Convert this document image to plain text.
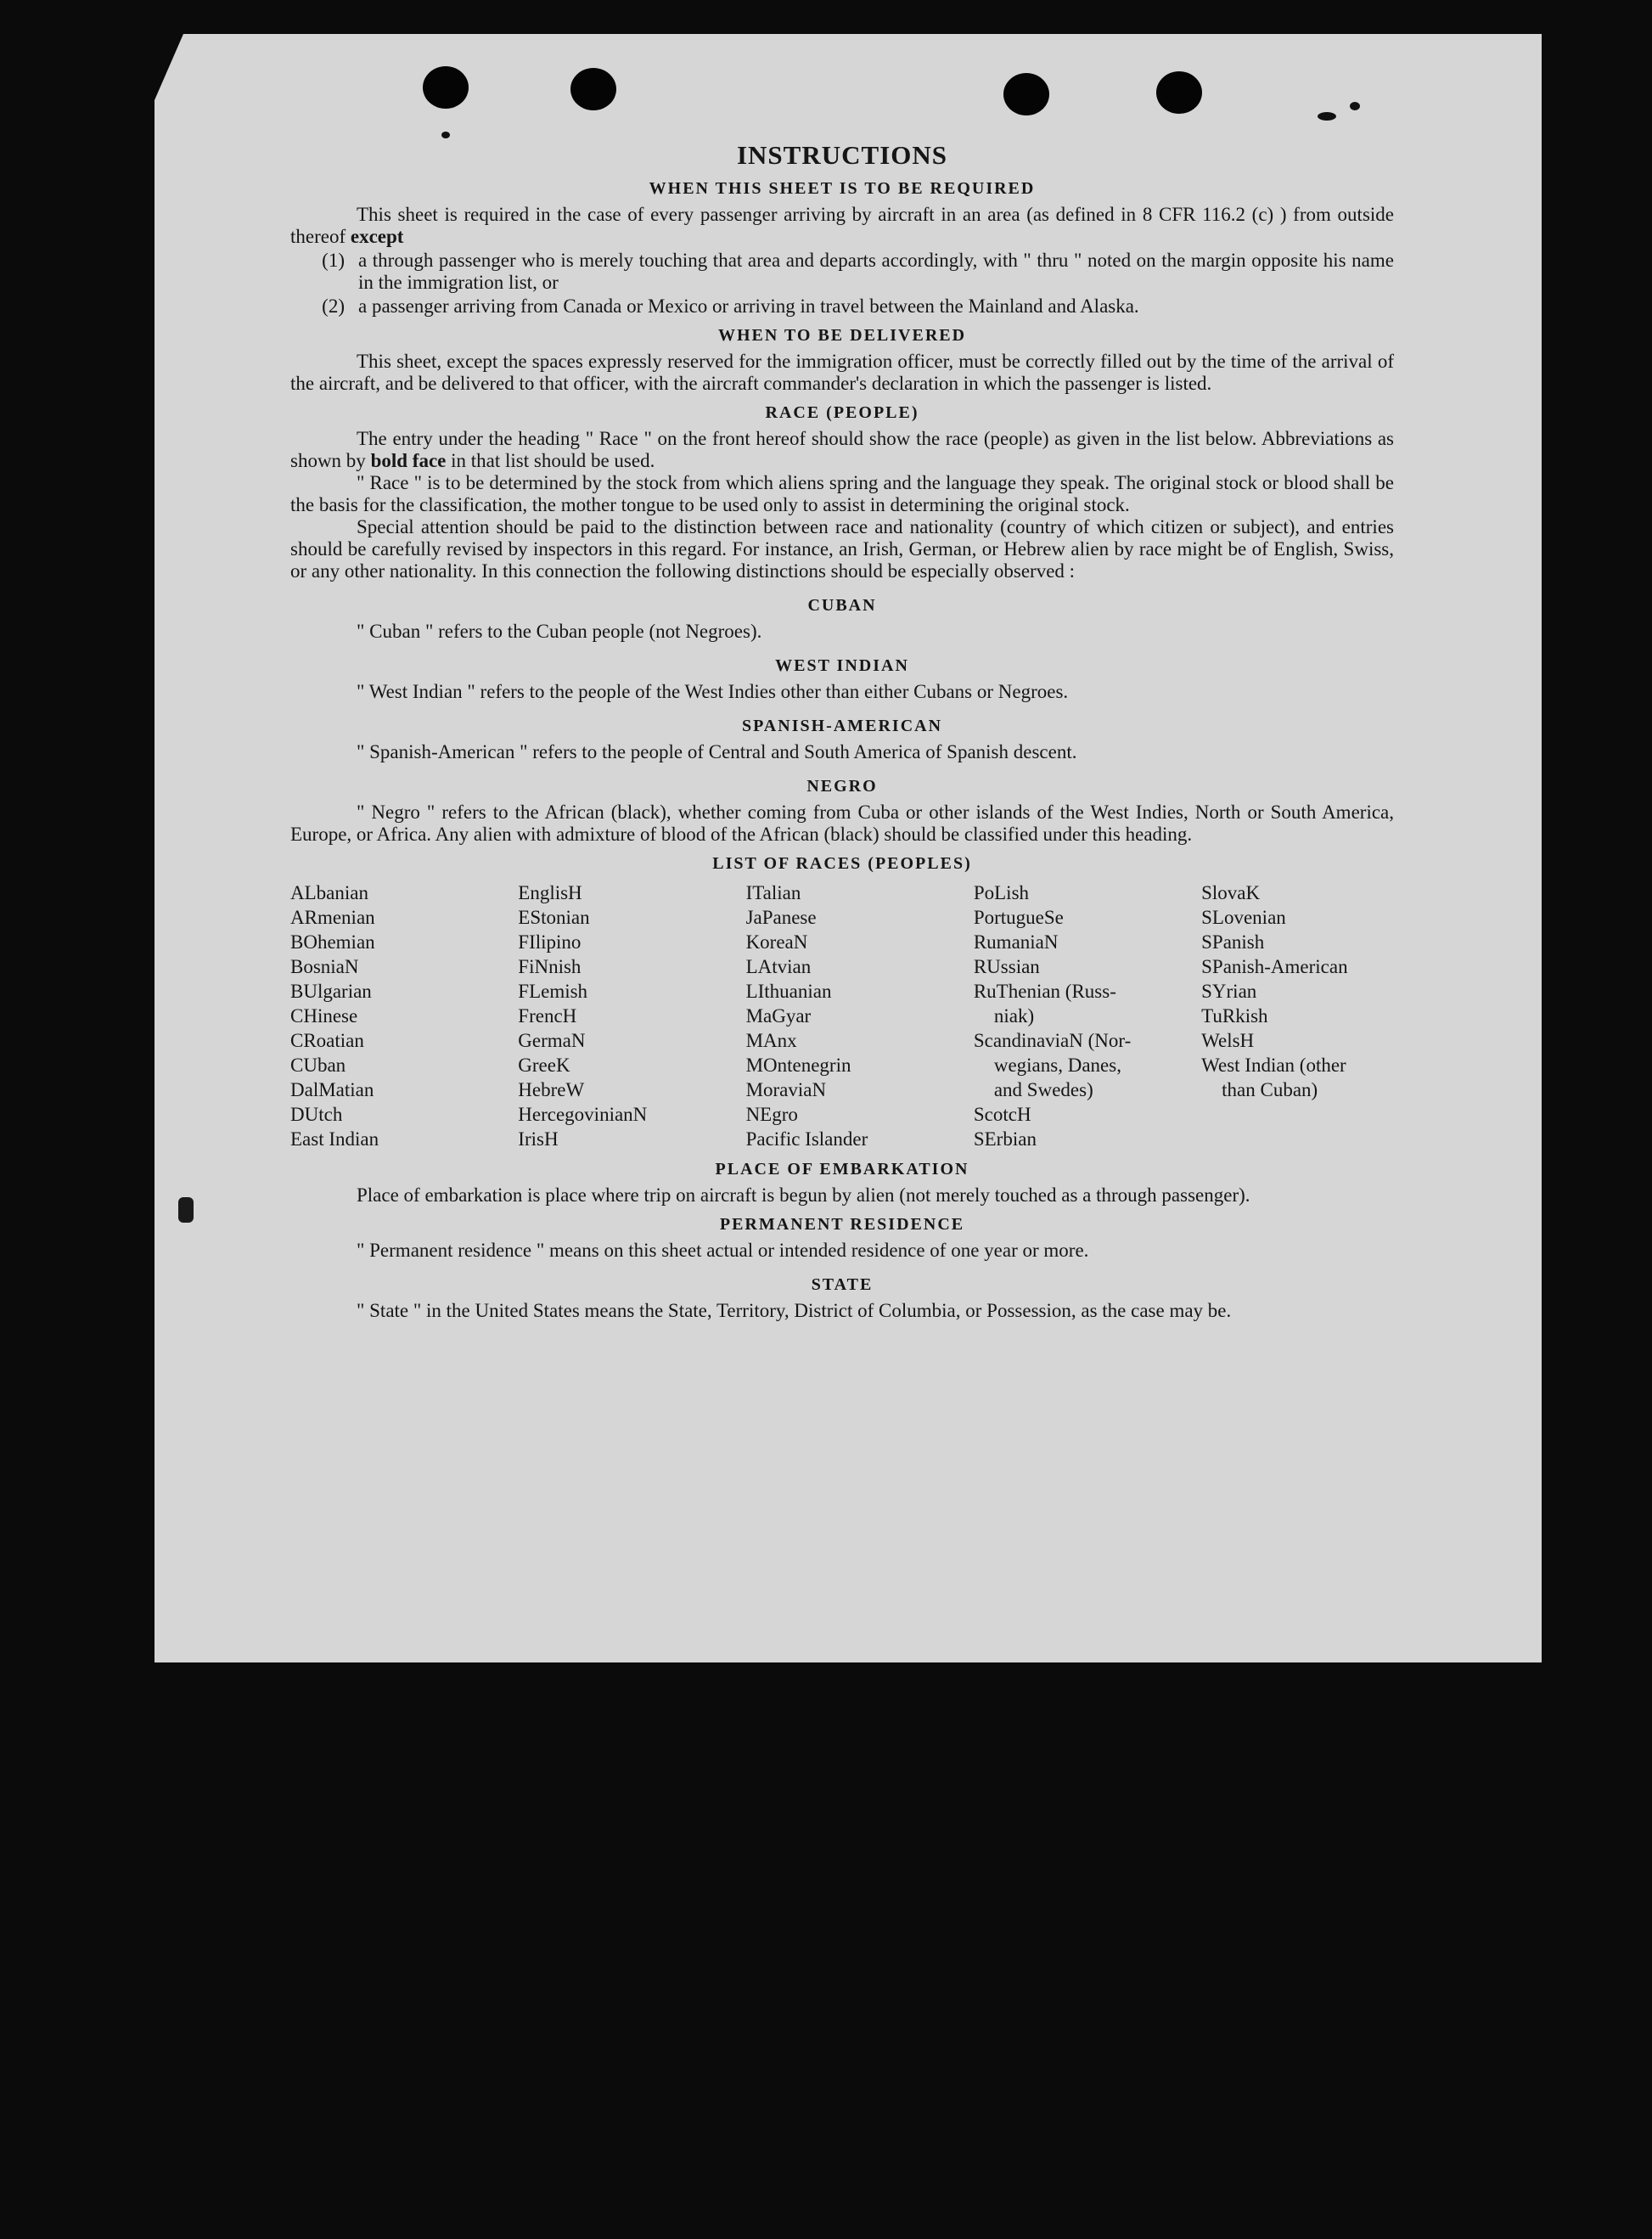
INSTRUCTIONS
WHEN THIS SHEET IS TO BE REQUIRED

This sheet is required in the case of every passenger arriving by aircraft in an area (as defined in 8 CFR 116.2 (c) ) from outside thereof except

(1) a through passenger who is merely touching that area and departs accordingly, with " thru " noted on the margin opposite his name in the immigration list, or
(2) a passenger arriving from Canada or Mexico or arriving in travel between the Mainland and Alaska.
WHEN TO BE DELIVERED

This sheet, except the spaces expressly reserved for the immigration officer, must be correctly filled out by the time of the arrival of the aircraft, and be delivered to that officer, with the aircraft commander's declaration in which the passenger is listed.

RACE (PEOPLE)

The entry under the heading " Race " on the front hereof should show the race (people) as given in the list below. Abbreviations as shown by bold face in that list should be used.

" Race " is to be determined by the stock from which aliens spring and the language they speak. The original stock or blood shall be the basis for the classification, the mother tongue to be used only to assist in determining the original stock.

Special attention should be paid to the distinction between race and nationality (country of which citizen or subject), and entries should be carefully revised by inspectors in this regard. For instance, an Irish, German, or Hebrew alien by race might be of English, Swiss, or any other nationality. In this connection the following distinctions should be especially observed :

CUBAN

" Cuban " refers to the Cuban people (not Negroes).

WEST INDIAN

" West Indian " refers to the people of the West Indies other than either Cubans or Negroes.

SPANISH-AMERICAN

" Spanish-American " refers to the people of Central and South America of Spanish descent.

NEGRO

" Negro " refers to the African (black), whether coming from Cuba or other islands of the West Indies, North or South America, Europe, or Africa. Any alien with admixture of blood of the African (black) should be classified under this heading.

LIST OF RACES (PEOPLES)
ALbanian
ARmenian
BOhemian
BosniaN
BUlgarian
CHinese
CRoatian
CUban
DalMatian
DUtch
East Indian
EnglisH
EStonian
FIlipino
FiNnish
FLemish
FrencH
GermaN
GreeK
HebreW
HercegovinianN
IrisH
ITalian
JaPanese
KoreaN
LAtvian
LIthuanian
MaGyar
MAnx
MOntenegrin
MoraviaN
NEgro
Pacific Islander
PoLish
PortugueSe
RumaniaN
RUssian
RuThenian (Russ-
niak)
ScandinaviaN (Nor-
wegians, Danes,
and Swedes)
ScotcH
SErbian
SlovaK
SLovenian
SPanish
SPanish-American
SYrian
TuRkish
WelsH
West Indian (other
than Cuban)
PLACE OF EMBARKATION

Place of embarkation is place where trip on aircraft is begun by alien (not merely touched as a through passenger).

PERMANENT RESIDENCE

" Permanent residence " means on this sheet actual or intended residence of one year or more.

STATE

" State " in the United States means the State, Territory, District of Columbia, or Possession, as the case may be.
